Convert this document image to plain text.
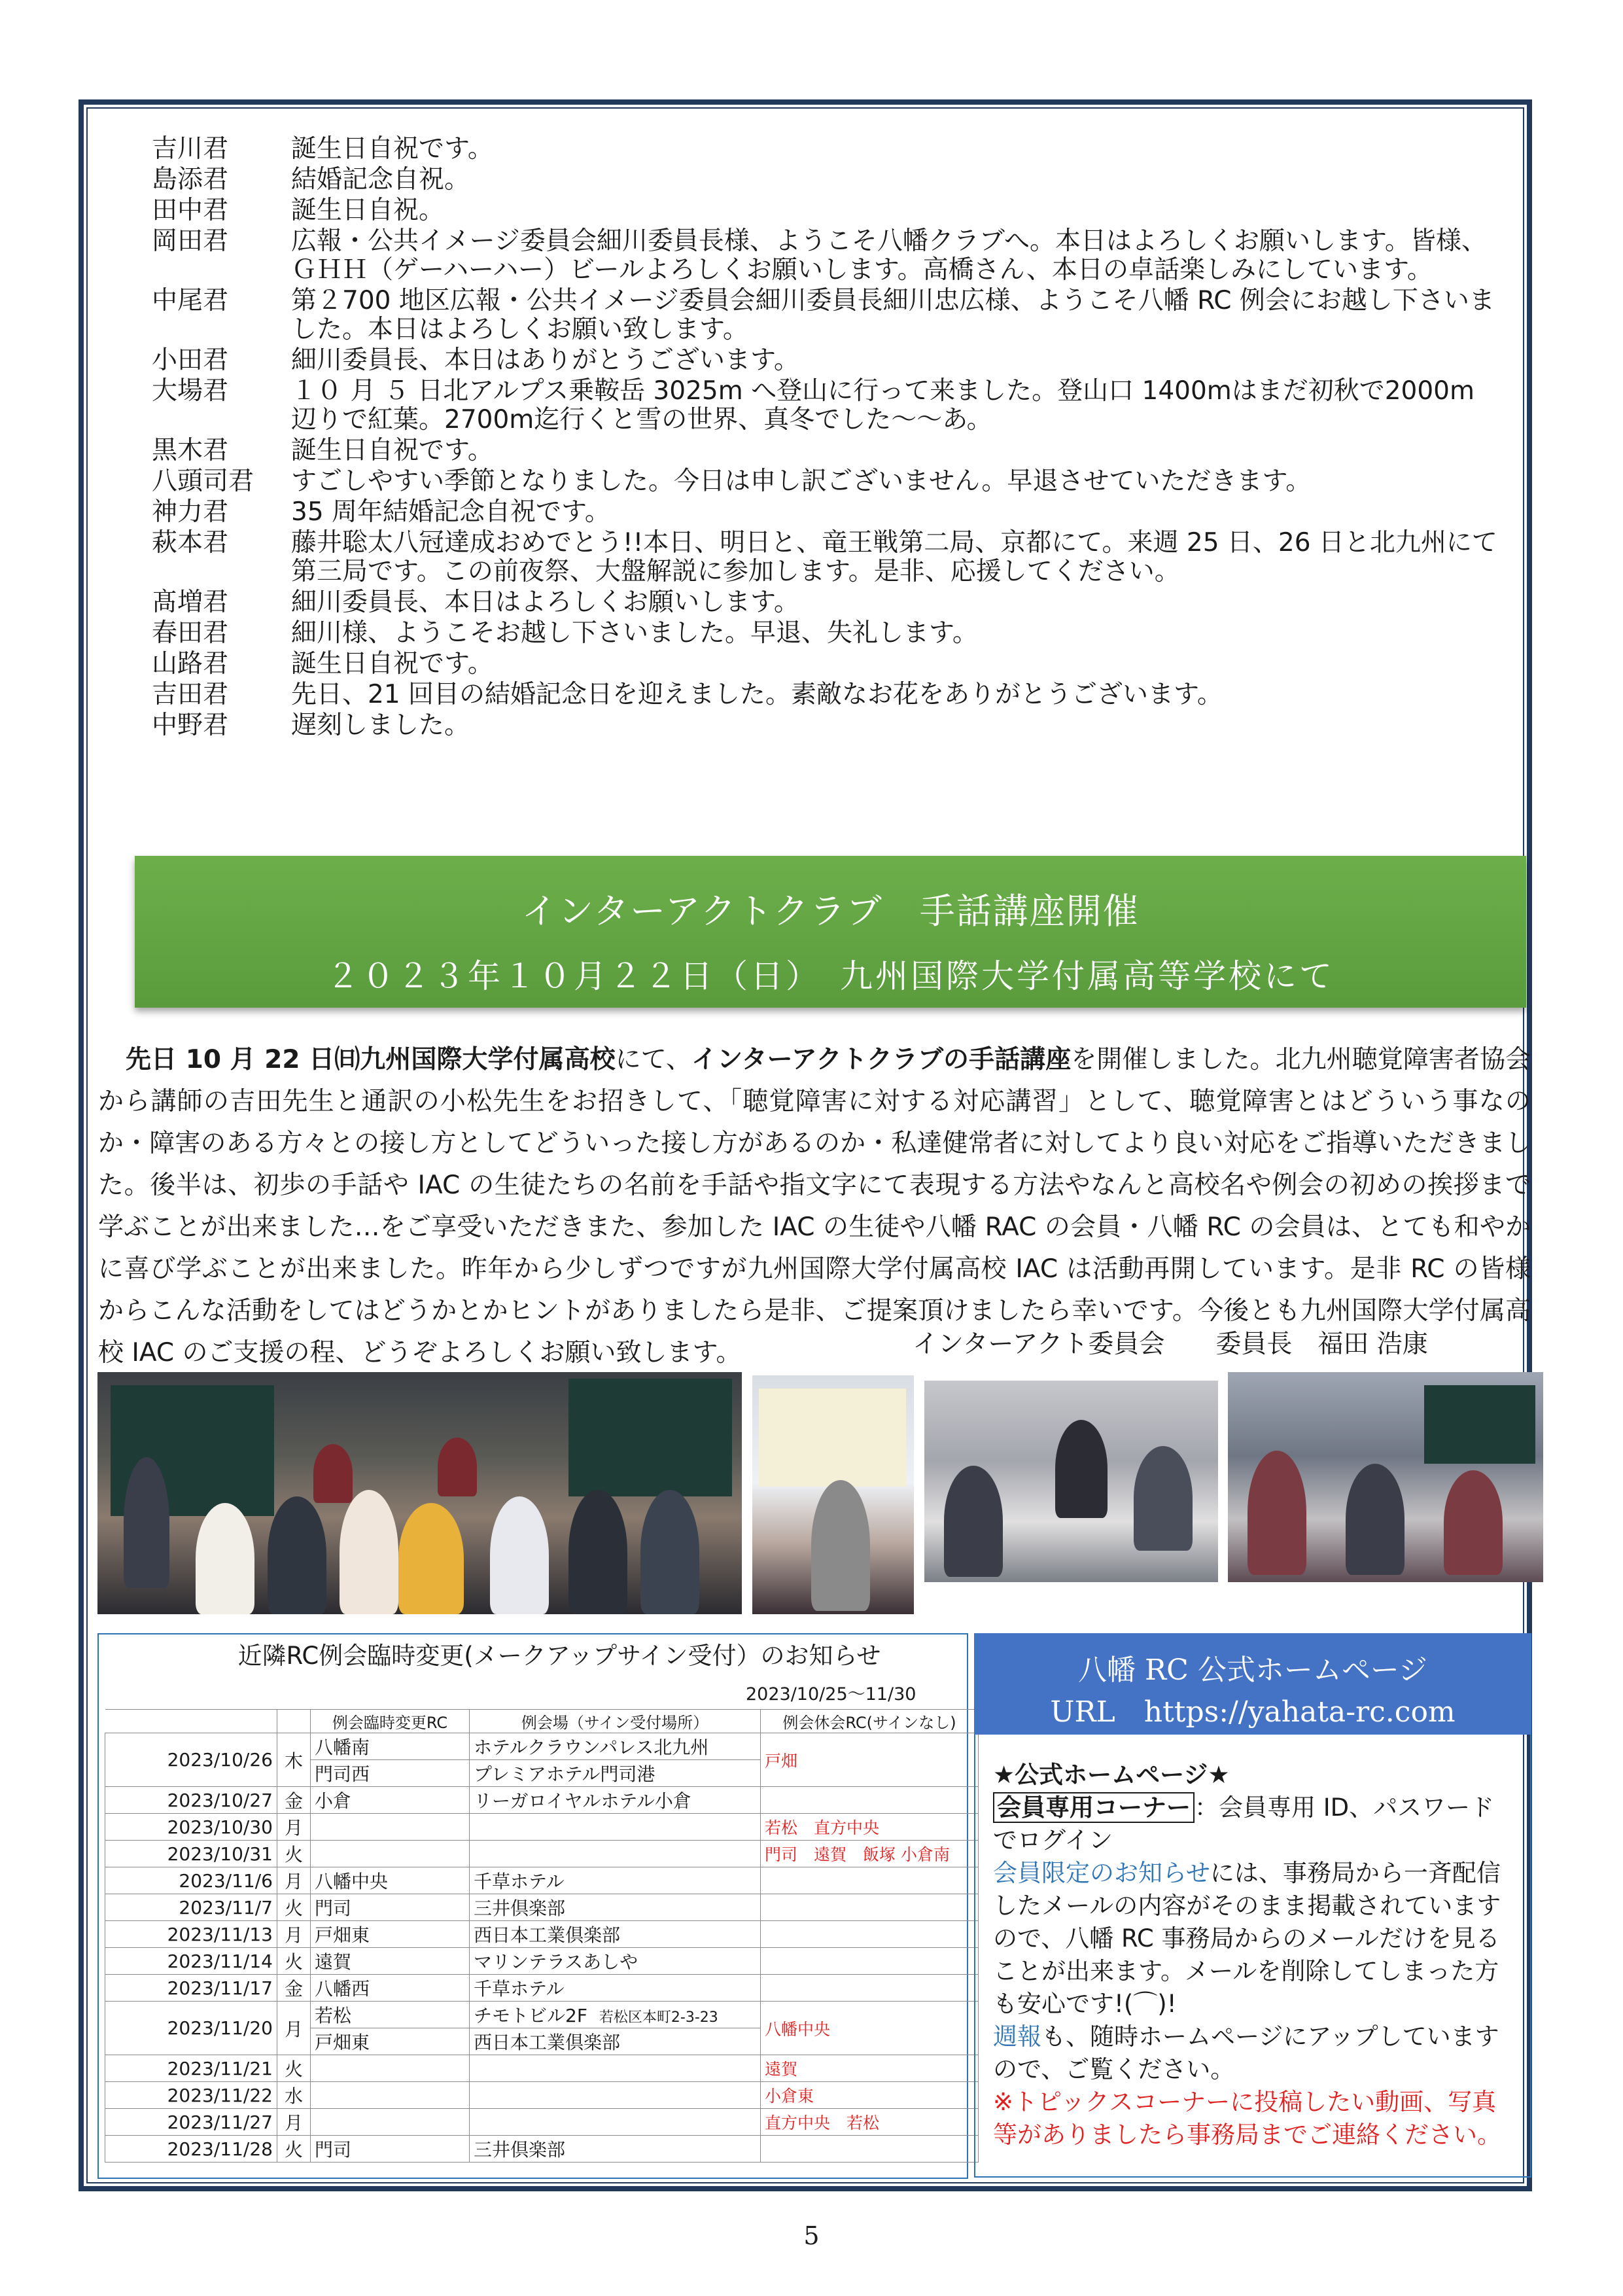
吉川君	誕生日自祝です。
島添君	結婚記念自祝。
田中君	誕生日自祝。
岡田君	広報・公共イメージ委員会細川委員長様、ようこそ八幡クラブへ。本日はよろしくお願いします。皆様、ＧＨＨ（ゲーハーハー）ビールよろしくお願いします。高橋さん、本日の卓話楽しみにしています。
中尾君	第２700 地区広報・公共イメージ委員会細川委員長細川忠広様、ようこそ八幡 RC 例会にお越し下さいました。本日はよろしくお願い致します。
小田君	細川委員長、本日はありがとうございます。
大場君	１０ 月 ５ 日北アルプス乗鞍岳 3025m へ登山に行って来ました。登山口 1400mはまだ初秋で2000m辺りで紅葉。2700m迄行くと雪の世界、真冬でした～～あ。
黒木君	誕生日自祝です。
八頭司君	すごしやすい季節となりました。今日は申し訳ございません。早退させていただきます。
神力君	35 周年結婚記念自祝です。
萩本君	藤井聡太八冠達成おめでとう!!本日、明日と、竜王戦第二局、京都にて。来週 25 日、26 日と北九州にて第三局です。この前夜祭、大盤解説に参加します。是非、応援してください。
髙増君	細川委員長、本日はよろしくお願いします。
春田君	細川様、ようこそお越し下さいました。早退、失礼します。
山路君	誕生日自祝です。
吉田君	先日、21 回目の結婚記念日を迎えました。素敵なお花をありがとうございます。
中野君	遅刻しました。
インターアクトクラブ　手話講座開催
２０２３年１０月２２日（日）　九州国際大学付属高等学校にて
先日 10 月 22 日㈰九州国際大学付属高校にて、インターアクトクラブの手話講座を開催しました。北九州聴覚障害者協会から講師の吉田先生と通訳の小松先生をお招きして、「聴覚障害に対する対応講習」として、聴覚障害とはどういう事なのか・障害のある方々との接し方としてどういった接し方があるのか・私達健常者に対してより良い対応をご指導いただきました。後半は、初歩の手話や IAC の生徒たちの名前を手話や指文字にて表現する方法やなんと高校名や例会の初めの挨拶まで学ぶことが出来ました…をご享受いただきまた、参加した IAC の生徒や八幡 RAC の会員・八幡 RC の会員は、とても和やかに喜び学ぶことが出来ました。昨年から少しずつですが九州国際大学付属高校 IAC は活動再開しています。是非 RC の皆様からこんな活動をしてはどうかとかヒントがありましたら是非、ご提案頂けましたら幸いです。今後とも九州国際大学付属高校 IAC のご支援の程、どうぞよろしくお願い致します。	インターアクト委員会　　委員長　福田 浩康
近隣RC例会臨時変更(メークアップサイン受付）のお知らせ
2023/10/25～11/30
		例会臨時変更RC	例会場（サイン受付場所）	例会休会RC(サインなし)
2023/10/26	木	八幡南	ホテルクラウンパレス北九州	戸畑
		門司西	プレミアホテル門司港	
2023/10/27	金	小倉	リーガロイヤルホテル小倉	
2023/10/30	月			若松　直方中央
2023/10/31	火			門司　遠賀　飯塚 小倉南
2023/11/6	月	八幡中央	千草ホテル	
2023/11/7	火	門司	三井倶楽部	
2023/11/13	月	戸畑東	西日本工業倶楽部	
2023/11/14	火	遠賀	マリンテラスあしや	
2023/11/17	金	八幡西	千草ホテル	
2023/11/20	月	若松	チモトビル2F 若松区本町2-3-23	八幡中央
		戸畑東	西日本工業倶楽部	
2023/11/21	火			遠賀
2023/11/22	水			小倉東
2023/11/27	月			直方中央　若松
2023/11/28	火	門司	三井倶楽部	
八幡 RC 公式ホームページ
URL　https://yahata-rc.com
★公式ホームページ★
会員専用コーナー ：会員専用 ID、パスワードでログイン
会員限定のお知らせには、事務局から一斉配信したメールの内容がそのまま掲載されていますので、八幡 RC 事務局からのメールだけを見ることが出来ます。メールを削除してしまった方も安心です!(⌒)!
週報も、随時ホームページにアップしていますので、ご覧ください。
※トピックスコーナーに投稿したい動画、写真等がありましたら事務局までご連絡ください。
5
